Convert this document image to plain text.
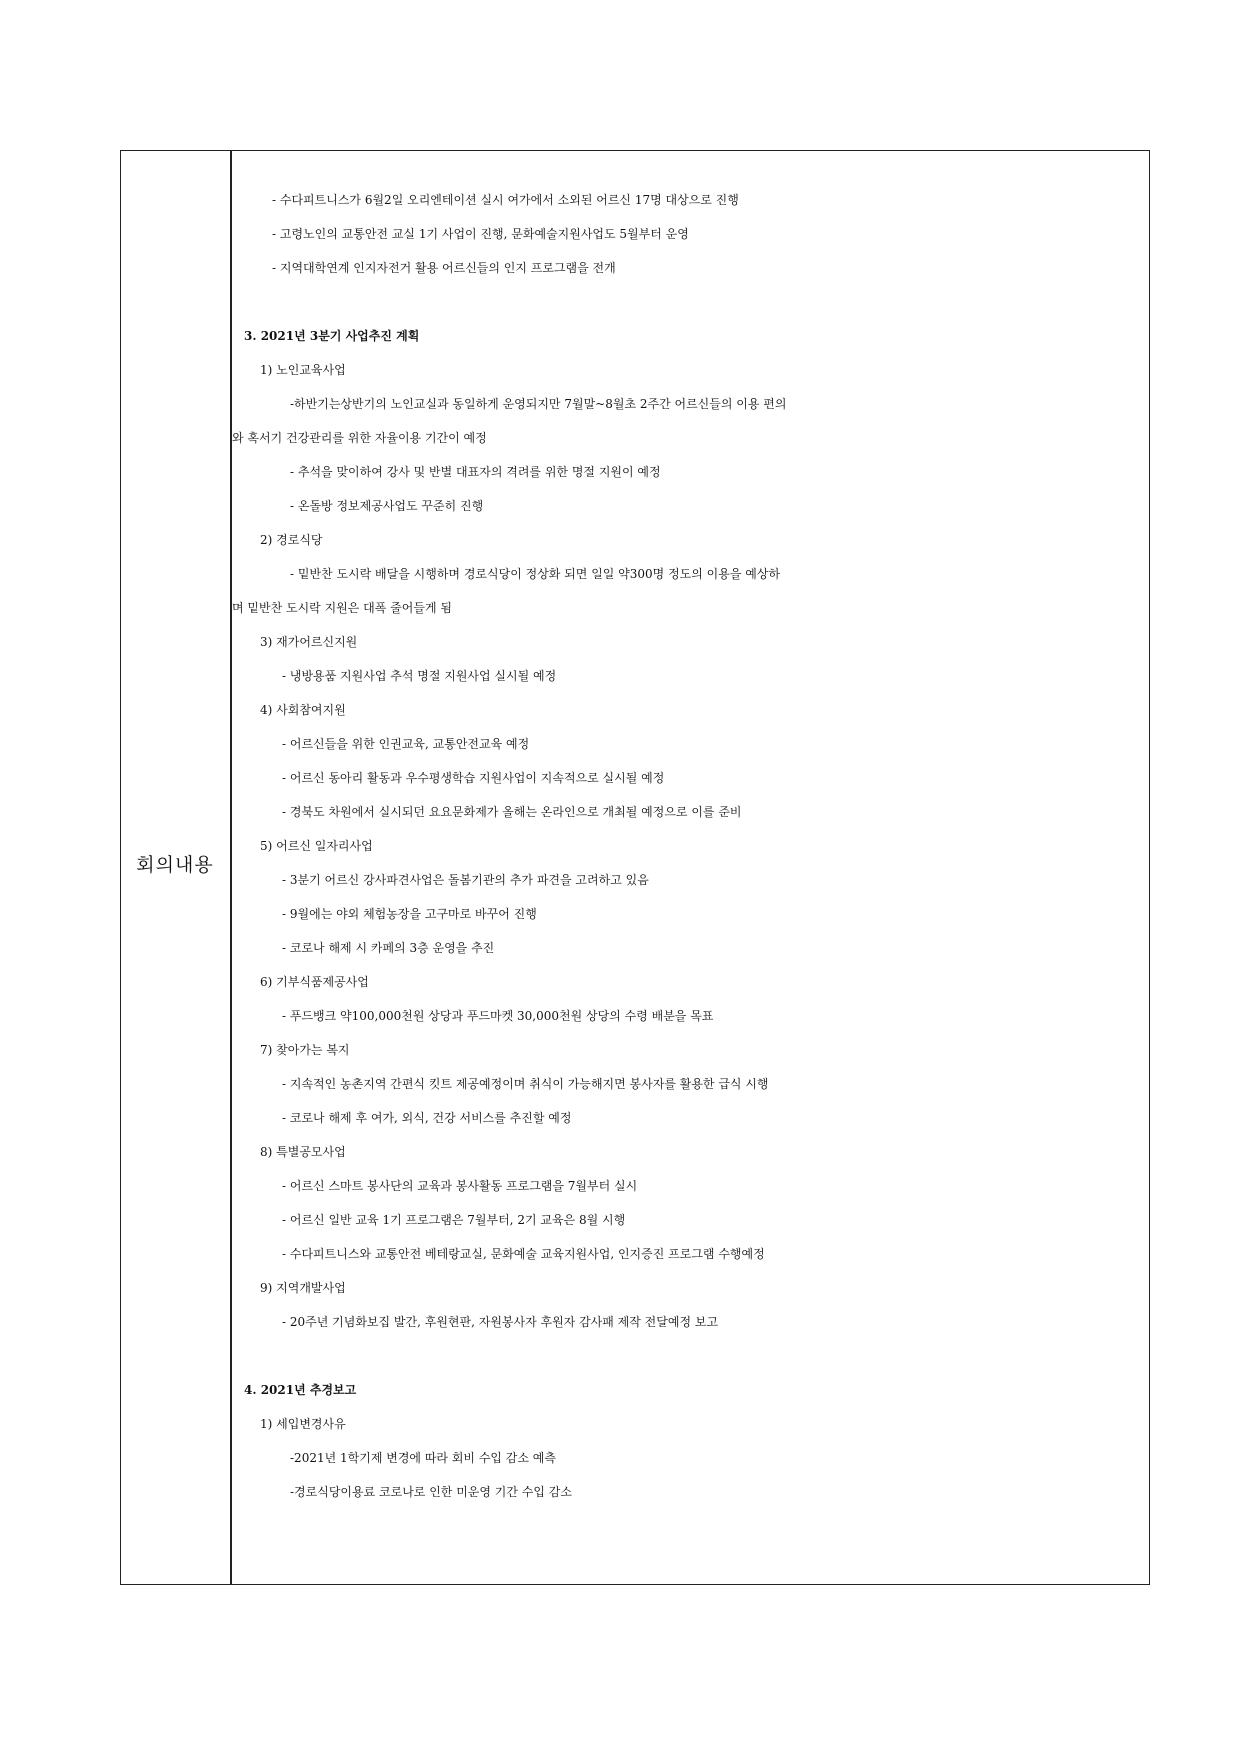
회의내용
- 수다피트니스가 6월2일 오리엔테이션 실시 여가에서 소외된 어르신 17명 대상으로 진행
- 고령노인의 교통안전 교실 1기 사업이 진행, 문화예술지원사업도 5월부터 운영
- 지역대학연계 인지자전거 활용 어르신들의 인지 프로그램을 전개
3. 2021년 3분기 사업추진 계획
1) 노인교육사업
-하반기는상반기의 노인교실과 동일하게 운영되지만 7월말~8월초 2주간 어르신들의 이용 편의
와 혹서기 건강관리를 위한 자율이용 기간이 예정
- 추석을 맞이하여 강사 및 반별 대표자의 격려를 위한 명절 지원이 예정
- 온돌방 정보제공사업도 꾸준히 진행
2) 경로식당
- 밑반찬 도시락 배달을 시행하며 경로식당이 정상화 되면 일일 약300명 정도의 이용을 예상하
며 밑반찬 도시락 지원은 대폭 줄어들게 됨
3) 재가어르신지원
- 냉방용품 지원사업 추석 명절 지원사업 실시될 예정
4) 사회참여지원
- 어르신들을 위한 인권교육, 교통안전교육 예정
- 어르신 동아리 활동과 우수평생학습 지원사업이 지속적으로 실시될 예정
- 경북도 차원에서 실시되던 요요문화제가 올해는 온라인으로 개최될 예정으로 이를 준비
5) 어르신 일자리사업
- 3분기 어르신 강사파견사업은 돌봄기관의 추가 파견을 고려하고 있음
- 9월에는 야외 체험농장을 고구마로 바꾸어 진행
- 코로나 해제 시 카페의 3층 운영을 추진
6) 기부식품제공사업
- 푸드뱅크 약100,000천원 상당과 푸드마켓 30,000천원 상당의 수령 배분을 목표
7) 찾아가는 복지
- 지속적인 농촌지역 간편식 킷트 제공예정이며 취식이 가능해지면 봉사자를 활용한 급식 시행
- 코로나 해제 후 여가, 외식, 건강 서비스를 추진할 예정
8) 특별공모사업
- 어르신 스마트 봉사단의 교육과 봉사활동 프로그램을 7월부터 실시
- 어르신 일반 교육 1기 프로그램은 7월부터, 2기 교육은 8월 시행
- 수다피트니스와 교통안전 베테랑교실, 문화예술 교육지원사업, 인지증진 프로그램 수행예정
9) 지역개발사업
- 20주년 기념화보집 발간, 후원현판, 자원봉사자 후원자 감사패 제작 전달예정 보고
4. 2021년 추경보고
1) 세입변경사유
-2021년 1학기제 변경에 따라 회비 수입 감소 예측
-경로식당이용료 코로나로 인한 미운영 기간 수입 감소
